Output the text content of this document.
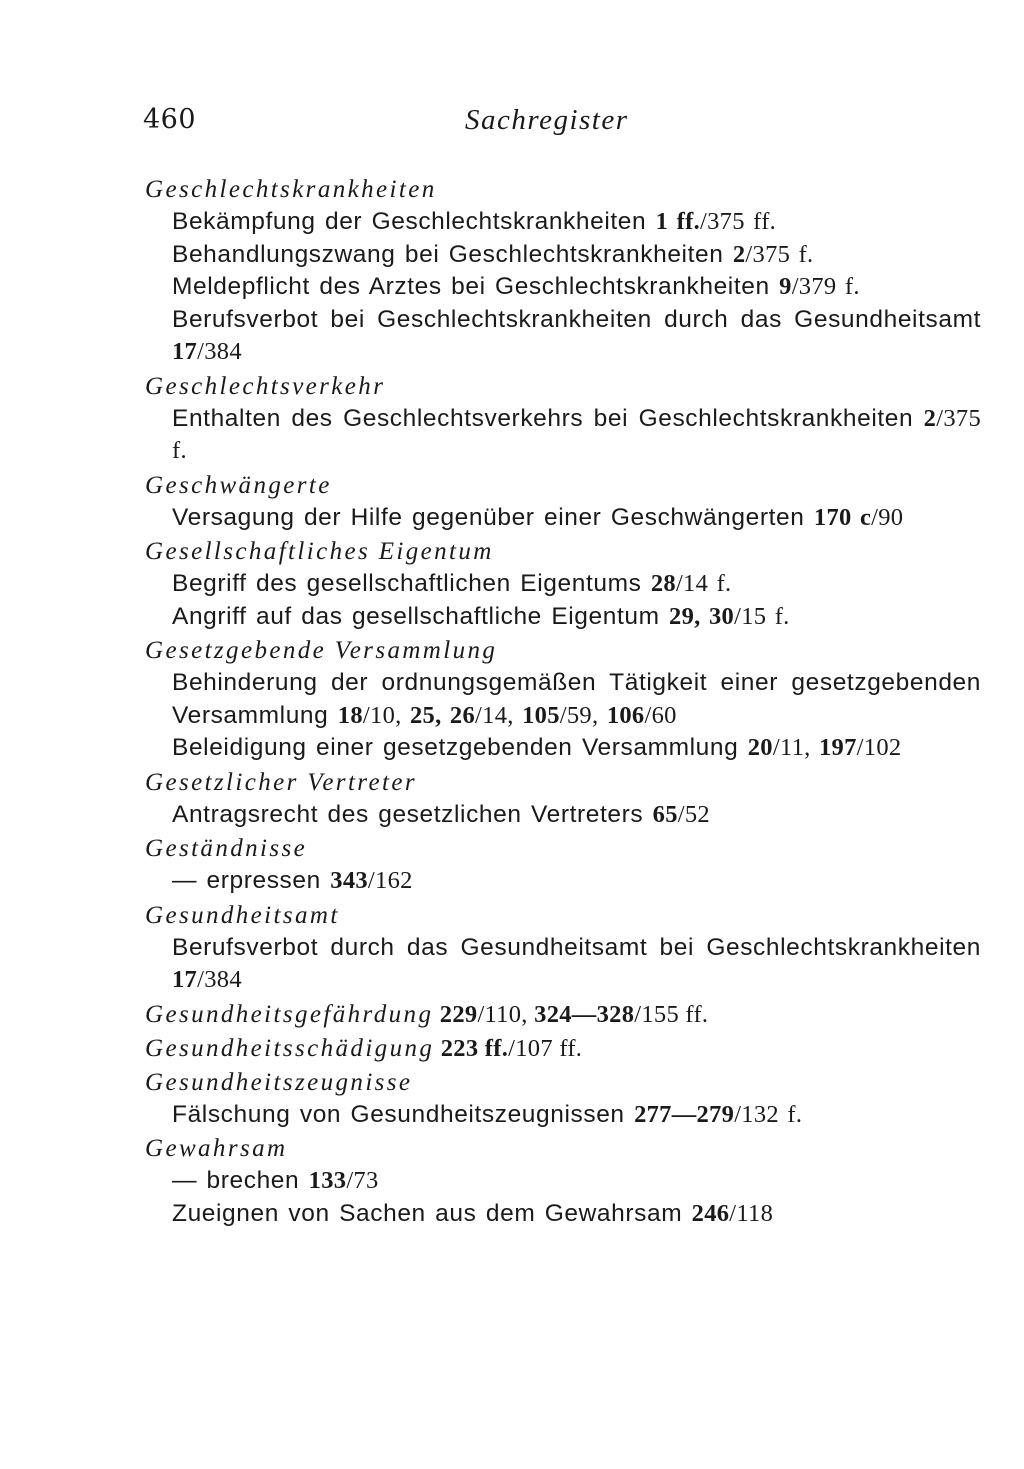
460	Sachregister
Geschlechtskrankheiten
Bekämpfung der Geschlechtskrankheiten 1 ff./375 ff.
Behandlungszwang bei Geschlechtskrankheiten 2/375 f.
Meldepflicht des Arztes bei Geschlechtskrankheiten 9/379 f.
Berufsverbot bei Geschlechtskrankheiten durch das Gesundheitsamt 17/384
Geschlechtsverkehr
Enthalten des Geschlechtsverkehrs bei Geschlechtskrankheiten 2/375 f.
Geschwängerte
Versagung der Hilfe gegenüber einer Geschwängerten 170 c/90
Gesellschaftliches Eigentum
Begriff des gesellschaftlichen Eigentums 28/14 f.
Angriff auf das gesellschaftliche Eigentum 29, 30/15 f.
Gesetzgebende Versammlung
Behinderung der ordnungsgemäßen Tätigkeit einer gesetzgebenden Versammlung 18/10, 25, 26/14, 105/59, 106/60
Beleidigung einer gesetzgebenden Versammlung 20/11, 197/102
Gesetzlicher Vertreter
Antragsrecht des gesetzlichen Vertreters 65/52
Geständnisse
— erpressen 343/162
Gesundheitsamt
Berufsverbot durch das Gesundheitsamt bei Geschlechtskrankheiten 17/384
Gesundheitsgefährdung 229/110, 324—328/155 ff.
Gesundheitsschädigung 223 ff./107 ff.
Gesundheitszeugnisse
Fälschung von Gesundheitszeugnissen 277—279/132 f.
Gewahrsam
— brechen 133/73
Zueignen von Sachen aus dem Gewahrsam 246/118
